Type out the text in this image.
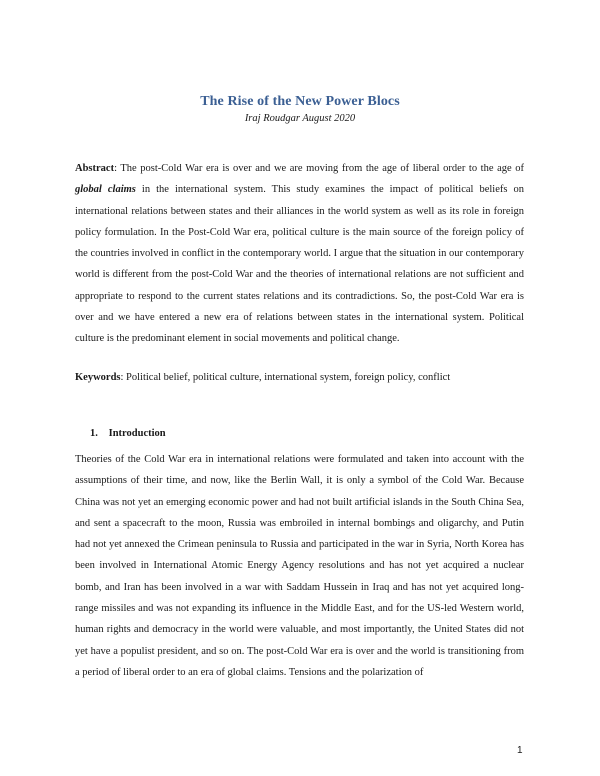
The Rise of the New Power Blocs
Iraj Roudgar August 2020

Abstract: The post-Cold War era is over and we are moving from the age of liberal order to the age of global claims in the international system. This study examines the impact of political beliefs on international relations between states and their alliances in the world system as well as its role in foreign policy formulation. In the Post-Cold War era, political culture is the main source of the foreign policy of the countries involved in conflict in the contemporary world. I argue that the situation in our contemporary world is different from the post-Cold War and the theories of international relations are not sufficient and appropriate to respond to the current states relations and its contradictions. So, the post-Cold War era is over and we have entered a new era of relations between states in the international system. Political culture is the predominant element in social movements and political change.

Keywords: Political belief, political culture, international system, foreign policy, conflict

1. Introduction

Theories of the Cold War era in international relations were formulated and taken into account with the assumptions of their time, and now, like the Berlin Wall, it is only a symbol of the Cold War. Because China was not yet an emerging economic power and had not built artificial islands in the South China Sea, and sent a spacecraft to the moon, Russia was embroiled in internal bombings and oligarchy, and Putin had not yet annexed the Crimean peninsula to Russia and participated in the war in Syria, North Korea has been involved in International Atomic Energy Agency resolutions and has not yet acquired a nuclear bomb, and Iran has been involved in a war with Saddam Hussein in Iraq and has not yet acquired long-range missiles and was not expanding its influence in the Middle East, and for the US-led Western world, human rights and democracy in the world were valuable, and most importantly, the United States did not yet have a populist president, and so on. The post-Cold War era is over and the world is transitioning from a period of liberal order to an era of global claims. Tensions and the polarization of

1
